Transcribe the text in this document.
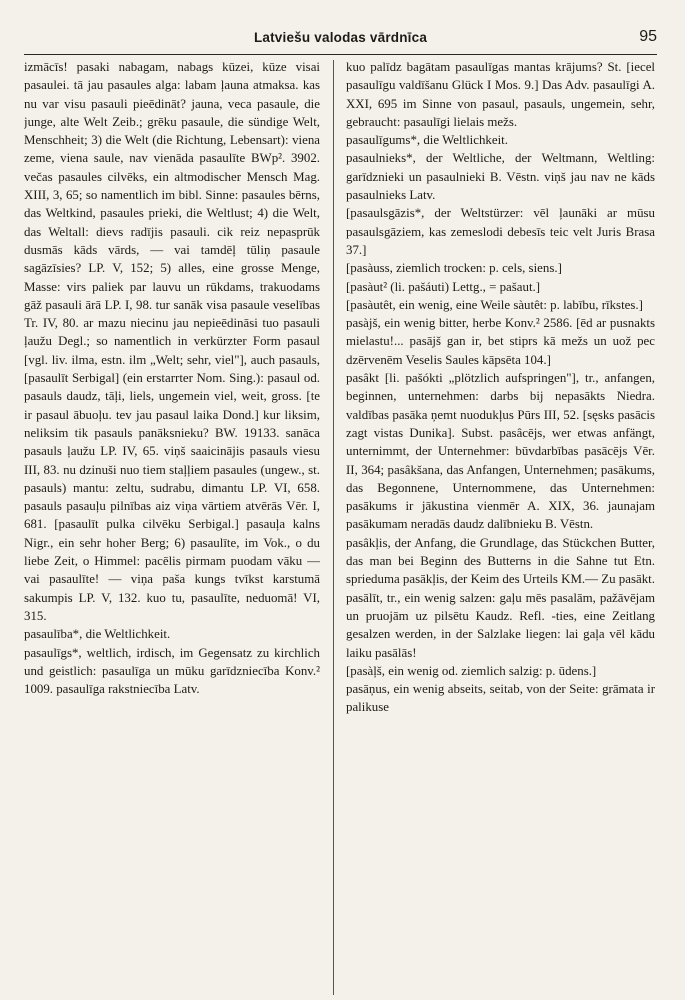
Latviešu valodas vārdnīca	95

izmācīs! pasaki nabagam, nabags kūzei, kūze visai pasaulei. tā jau pasaules alga: labam ļauna atmaksa. kas nu var visu pasauli pieēdināt? jauna, veca pasaule, die junge, alte Welt Zeib.; grēku pasaule, die sündige Welt, Menschheit; 3) die Welt (die Richtung, Lebensart): viena zeme, viena saule, nav vienāda pasaulīte BWp². 3902. večas pasaules cilvēks, ein altmodischer Mensch Mag. XIII, 3, 65; so namentlich im bibl. Sinne: pasaules bērns, das Weltkind, pasaules prieki, die Weltlust; 4) die Welt, das Weltall: dievs radījis pasauli. cik reiz nepasprūk dusmās kāds vārds, — vai tamdēļ tūliņ pasaule sagāzīsies? LP. V, 152; 5) alles, eine grosse Menge, Masse: virs paliek par lauvu un rūkdams, trakuodams gāž pasauli ārā LP. I, 98. tur sanāk visa pasaule veselības Tr. IV, 80. ar mazu niecinu jau nepieēdināsi tuo pasauli ļaužu Degl.; so namentlich in verkürzter Form pasaul [vgl. liv. ilma, estn. ilm „Welt; sehr, viel"], auch pasauls, [pasaulīt Serbigal] (ein erstarrter Nom. Sing.): pasaul od. pasauls daudz, tāļi, liels, ungemein viel, weit, gross. [te ir pasaul ābuoļu. tev jau pasaul laika Dond.] kur liksim, neliksim tik pasauls panāksnieku? BW. 19133. sanāca pasauls ļaužu LP. IV, 65. viņš saaicinājis pasauls viesu III, 83. nu dzinuši nuo tiem staļļiem pasaules (ungew., st. pasauls) mantu: zeltu, sudrabu, dimantu LP. VI, 658. pasauls pasauļu pilnības aiz viņa vārtiem atvērās Vēr. I, 681. [pasaulīt pulka cilvēku Serbigal.] pasauļa kalns Nigr., ein sehr hoher Berg; 6) pasaulīte, im Vok., o du liebe Zeit, o Himmel: pacēlis pirmam puodam vāku — vai pasaulīte! — viņa paša kungs tvīkst karstumā sakumpis LP. V, 132. kuo tu, pasaulīte, neduomā! VI, 315.

pasaulība*, die Weltlichkeit.

pasaulīgs*, weltlich, irdisch, im Gegensatz zu kirchlich und geistlich: pasaulīga un mūku garīdzniecība Konv.² 1009. pasaulīga rakstniecība Latv.

kuo palīdz bagātam pasaulīgas mantas krājums? St. [iecel pasaulīgu valdīšanu Glück I Mos. 9.] Das Adv. pasaulīgi A. XXI, 695 im Sinne von pasaul, pasauls, ungemein, sehr, gebraucht: pasaulīgi lielais mežs.

pasaulīgums*, die Weltlichkeit.

pasaulnieks*, der Weltliche, der Weltmann, Weltling: garīdznieki un pasaulnieki B. Vēstn. viņš jau nav ne kāds pasaulnieks Latv.

[pasaulsgāzis*, der Weltstürzer: vēl ļaunāki ar mūsu pasaulsgāziem, kas zemeslodi debesīs teic velt Juris Brasa 37.]

[pasàuss, ziemlich trocken: p. cels, siens.]

[pasàut² (li. pašáuti) Lettg., = pašaut.]

[pasàutêt, ein wenig, eine Weile sàutêt: p. labību, rīkstes.]

pasàjš, ein wenig bitter, herbe Konv.² 2586. [ēd ar pusnakts mielastu!... pasājš gan ir, bet stiprs kā mežs un uož pec dzērvenēm Veselis Saules kāpsēta 104.]

pasâkt [li. pašókti „plötzlich aufspringen"], tr., anfangen, beginnen, unternehmen: darbs bij nepasākts Niedra. valdības pasāka ņemt nuodukļus Pūrs III, 52. [sęsks pasācis zagt vistas Dunika]. Subst. pasâcējs, wer etwas anfängt, unternimmt, der Unternehmer: būvdarbības pasācējs Vēr. II, 364; pasâkšana, das Anfangen, Unternehmen; pasākums, das Begonnene, Unternommene, das Unternehmen: pasākums ir jākustina vienmēr A. XIX, 36. jaunajam pasākumam neradās daudz dalībnieku B. Vēstn.

pasâkļis, der Anfang, die Grundlage, das Stückchen Butter, das man bei Beginn des Butterns in die Sahne tut Etn. sprieduma pasākļis, der Keim des Urteils KM.— Zu pasākt.

pasālīt, tr., ein wenig salzen: gaļu mēs pasalām, pažāvējam un pruojām uz pilsētu Kaudz. Refl. -ties, eine Zeitlang gesalzen werden, in der Salzlake liegen: lai gaļa vēl kādu laiku pasālās!

[pasàļš, ein wenig od. ziemlich salzig: p. ūdens.]

pasāņus, ein wenig abseits, seitab, von der Seite: grāmata ir palikuse
